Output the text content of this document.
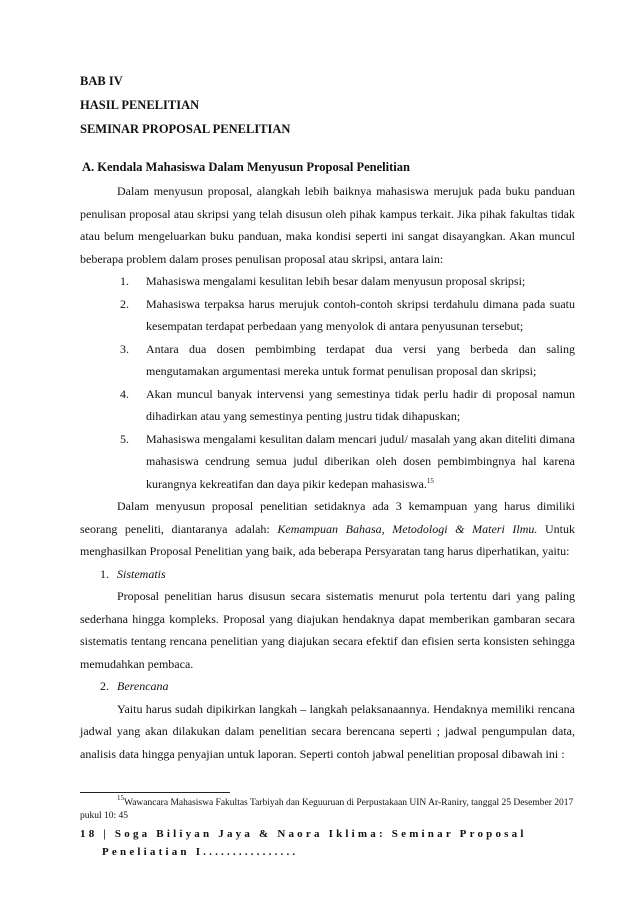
BAB IV
HASIL PENELITIAN
SEMINAR PROPOSAL PENELITIAN
A. Kendala Mahasiswa Dalam Menyusun Proposal Penelitian

Dalam menyusun proposal, alangkah lebih baiknya mahasiswa merujuk pada buku panduan penulisan proposal atau skripsi yang telah disusun oleh pihak kampus terkait. Jika pihak fakultas tidak atau belum mengeluarkan buku panduan, maka kondisi seperti ini sangat disayangkan. Akan muncul beberapa problem dalam proses penulisan proposal atau skripsi, antara lain:

1. Mahasiswa mengalami kesulitan lebih besar dalam menyusun proposal skripsi;
2. Mahasiswa terpaksa harus merujuk contoh-contoh skripsi terdahulu dimana pada suatu kesempatan terdapat perbedaan yang menyolok di antara penyusunan tersebut;
3. Antara dua dosen pembimbing terdapat dua versi yang berbeda dan saling mengutamakan argumentasi mereka untuk format penulisan proposal dan skripsi;
4. Akan muncul banyak intervensi yang semestinya tidak perlu hadir di proposal namun dihadirkan atau yang semestinya penting justru tidak dihapuskan;
5. Mahasiswa mengalami kesulitan dalam mencari judul/ masalah yang akan diteliti dimana mahasiswa cendrung semua judul diberikan oleh dosen pembimbingnya hal karena kurangnya kekreatifan dan daya pikir kedepan mahasiswa.$^{15}$

Dalam menyusun proposal penelitian setidaknya ada 3 kemampuan yang harus dimiliki seorang peneliti, diantaranya adalah: Kemampuan Bahasa, Metodologi & Materi Ilmu. Untuk menghasilkan Proposal Penelitian yang baik, ada beberapa Persyaratan tang harus diperhatikan, yaitu:

1. Sistematis

Proposal penelitian harus disusun secara sistematis menurut pola tertentu dari yang paling sederhana hingga kompleks. Proposal yang diajukan hendaknya dapat memberikan gambaran secara sistematis tentang rencana penelitian yang diajukan secara efektif dan efisien serta konsisten sehingga memudahkan pembaca.

2. Berencana

Yaitu harus sudah dipikirkan langkah – langkah pelaksanaannya. Hendaknya memiliki rencana jadwal yang akan dilakukan dalam penelitian secara berencana seperti ; jadwal pengumpulan data, analisis data hingga penyajian untuk laporan. Seperti contoh jabwal penelitian proposal dibawah ini :

$^{15}$Wawancara Mahasiswa Fakultas Tarbiyah dan Keguuruan di Perpustakaan UIN Ar-Raniry, tanggal 25 Desember 2017 pukul 10: 45
18 | Soga Biliyan Jaya & Naora Iklima: Seminar Proposal
Peneliatian I................
